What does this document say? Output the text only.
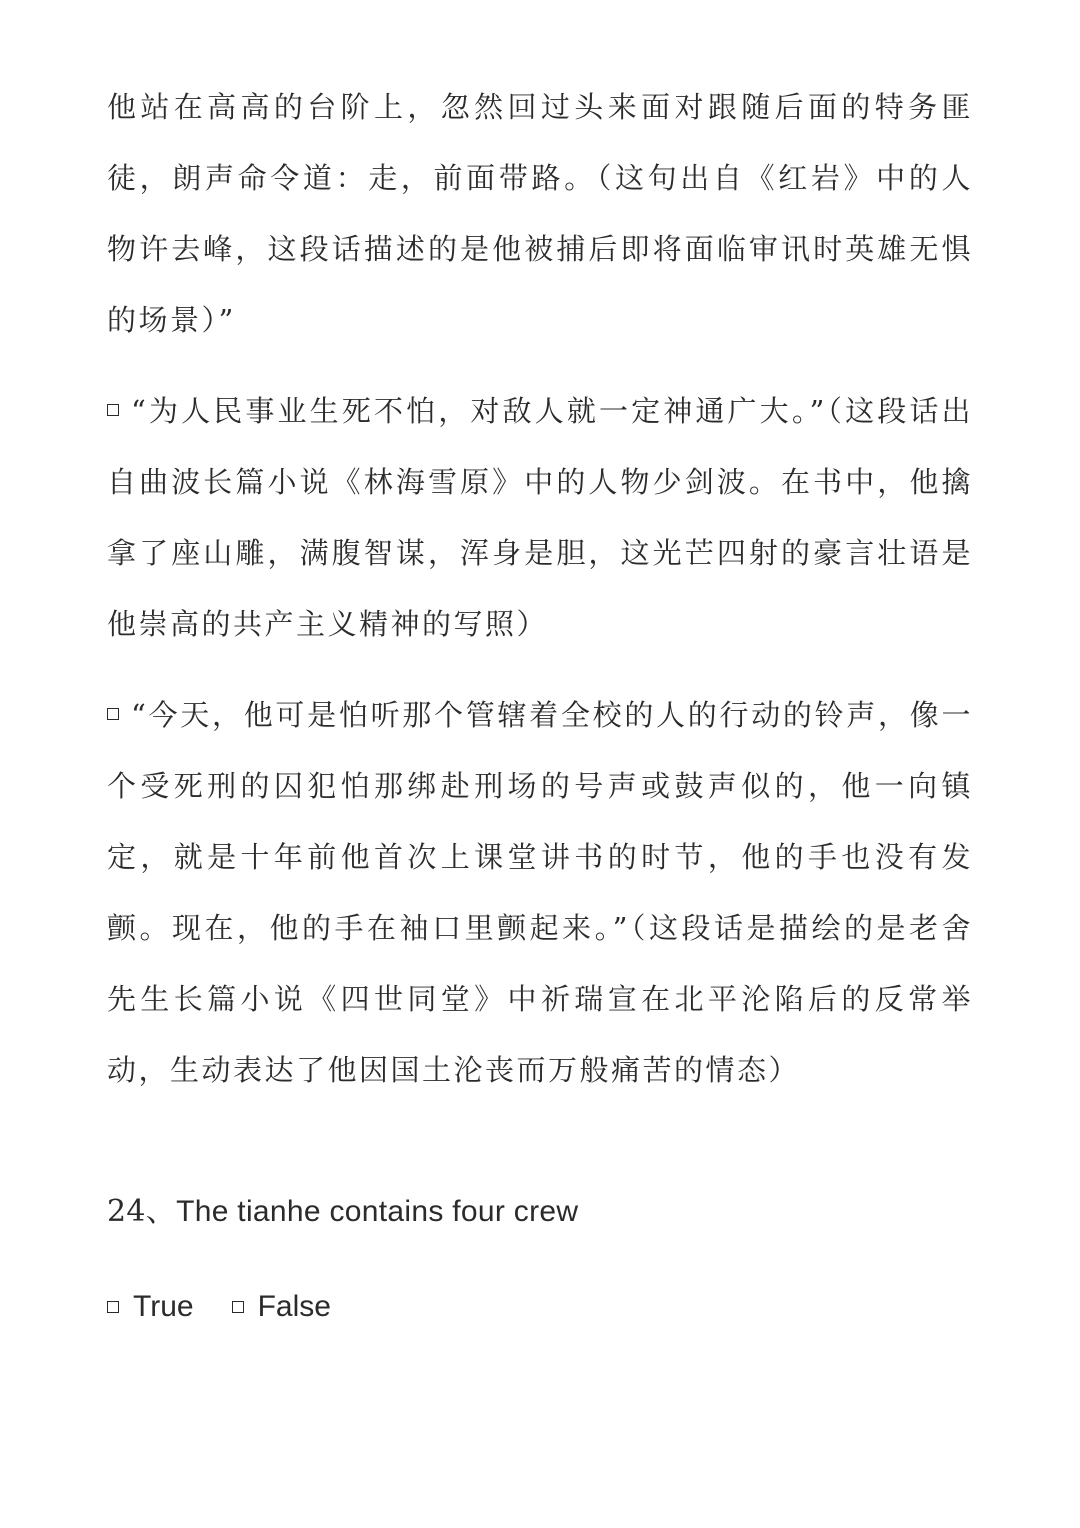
他站在高高的台阶上，忽然回过头来面对跟随后面的特务匪徒，朗声命令道：走，前面带路。（这句出自《红岩》中的人物许去峰，这段话描述的是他被捕后即将面临审讯时英雄无惧的场景）”

“为人民事业生死不怕，对敌人就一定神通广大。”（这段话出自曲波长篇小说《林海雪原》中的人物少剑波。在书中，他擒拿了座山雕，满腹智谋，浑身是胆，这光芒四射的豪言壮语是他崇高的共产主义精神的写照）

“今天，他可是怕听那个管辖着全校的人的行动的铃声，像一个受死刑的囚犯怕那绑赴刑场的号声或鼓声似的，他一向镇定，就是十年前他首次上课堂讲书的时节，他的手也没有发颤。现在，他的手在袖口里颤起来。”（这段话是描绘的是老舍先生长篇小说《四世同堂》中祈瑞宣在北平沦陷后的反常举动，生动表达了他因国土沦丧而万般痛苦的情态）

24、The tianhe contains four crew
True False
